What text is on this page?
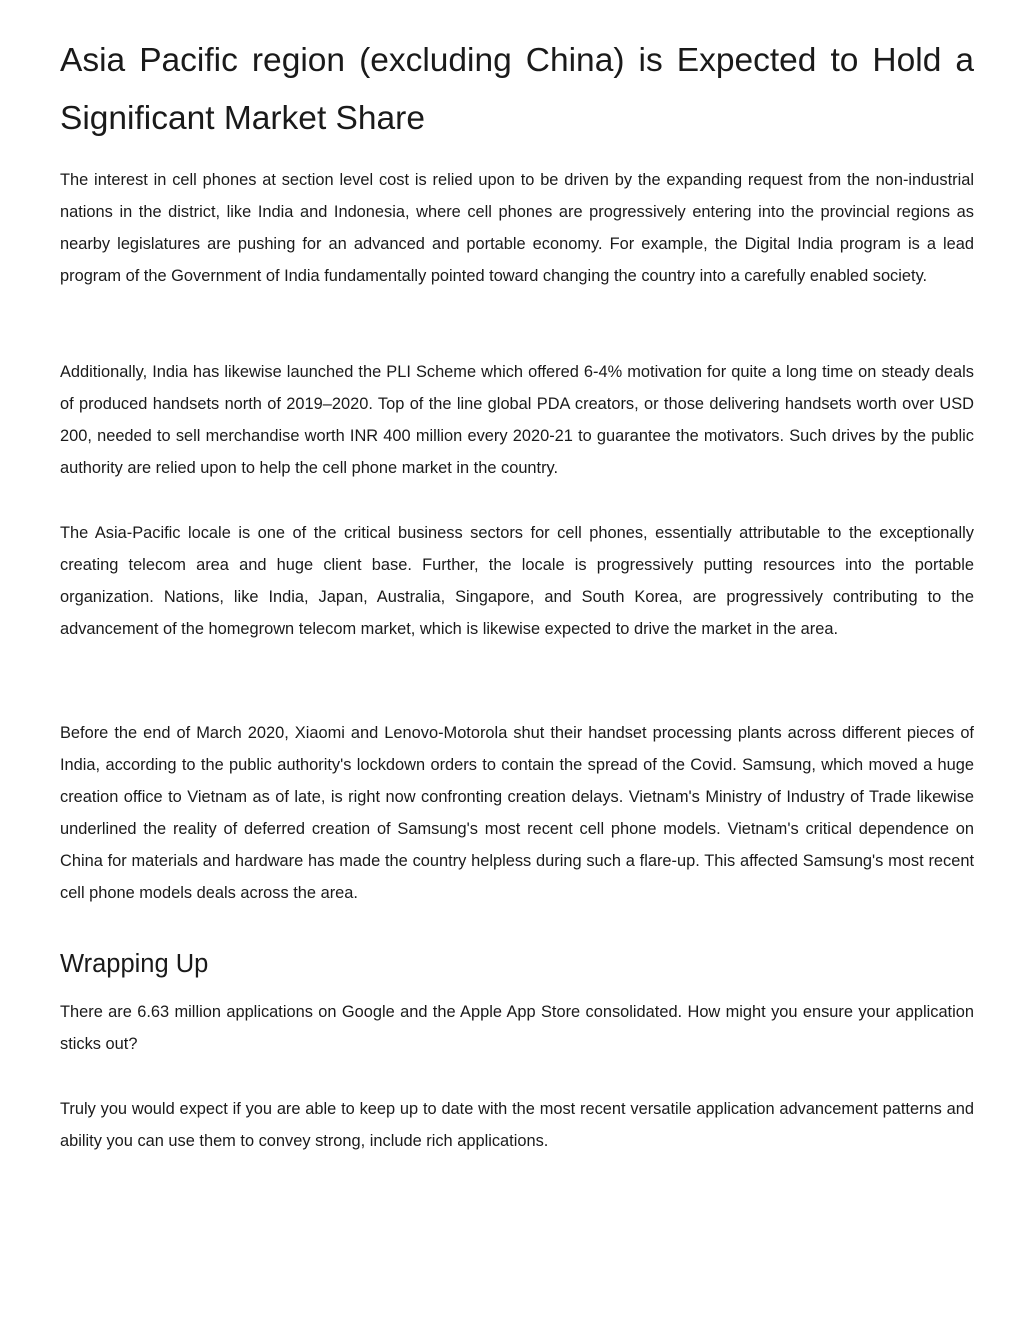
Asia Pacific region (excluding China) is Expected to Hold a
Significant Market Share

The interest in cell phones at section level cost is relied upon to be driven by the expanding request from the non-industrial nations in the district, like India and Indonesia, where cell phones are progressively entering into the provincial regions as nearby legislatures are pushing for an advanced and portable economy. For example, the Digital India program is a lead program of the Government of India fundamentally pointed toward changing the country into a carefully enabled society.

Additionally, India has likewise launched the PLI Scheme which offered 6-4% motivation for quite a long time on steady deals of produced handsets north of 2019–2020. Top of the line global PDA creators, or those delivering handsets worth over USD 200, needed to sell merchandise worth INR 400 million every 2020-21 to guarantee the motivators. Such drives by the public authority are relied upon to help the cell phone market in the country.

The Asia-Pacific locale is one of the critical business sectors for cell phones, essentially attributable to the exceptionally creating telecom area and huge client base. Further, the locale is progressively putting resources into the portable organization. Nations, like India, Japan, Australia, Singapore, and South Korea, are progressively contributing to the advancement of the homegrown telecom market, which is likewise expected to drive the market in the area.

Before the end of March 2020, Xiaomi and Lenovo-Motorola shut their handset processing plants across different pieces of India, according to the public authority's lockdown orders to contain the spread of the Covid. Samsung, which moved a huge creation office to Vietnam as of late, is right now confronting creation delays. Vietnam's Ministry of Industry of Trade likewise underlined the reality of deferred creation of Samsung's most recent cell phone models. Vietnam's critical dependence on China for materials and hardware has made the country helpless during such a flare-up. This affected Samsung's most recent cell phone models deals across the area.

Wrapping Up

There are 6.63 million applications on Google and the Apple App Store consolidated. How might you ensure your application sticks out?

Truly you would expect if you are able to keep up to date with the most recent versatile application advancement patterns and ability you can use them to convey strong, include rich applications.
